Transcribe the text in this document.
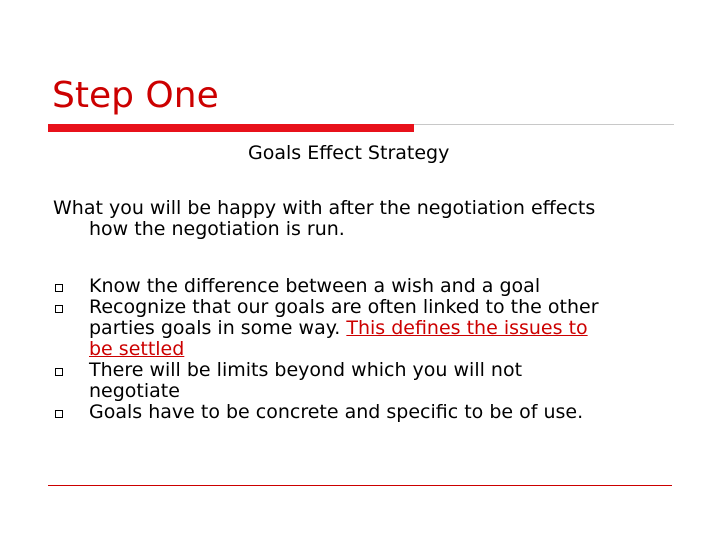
Step One
Goals Effect Strategy
What you will be happy with after the negotiation effects
how the negotiation is run.
Know the difference between a wish and a goal
Recognize that our goals are often linked to the other
parties goals in some way. This defines the issues to
be settled
There will be limits beyond which you will not
negotiate
Goals have to be concrete and specific to be of use.
